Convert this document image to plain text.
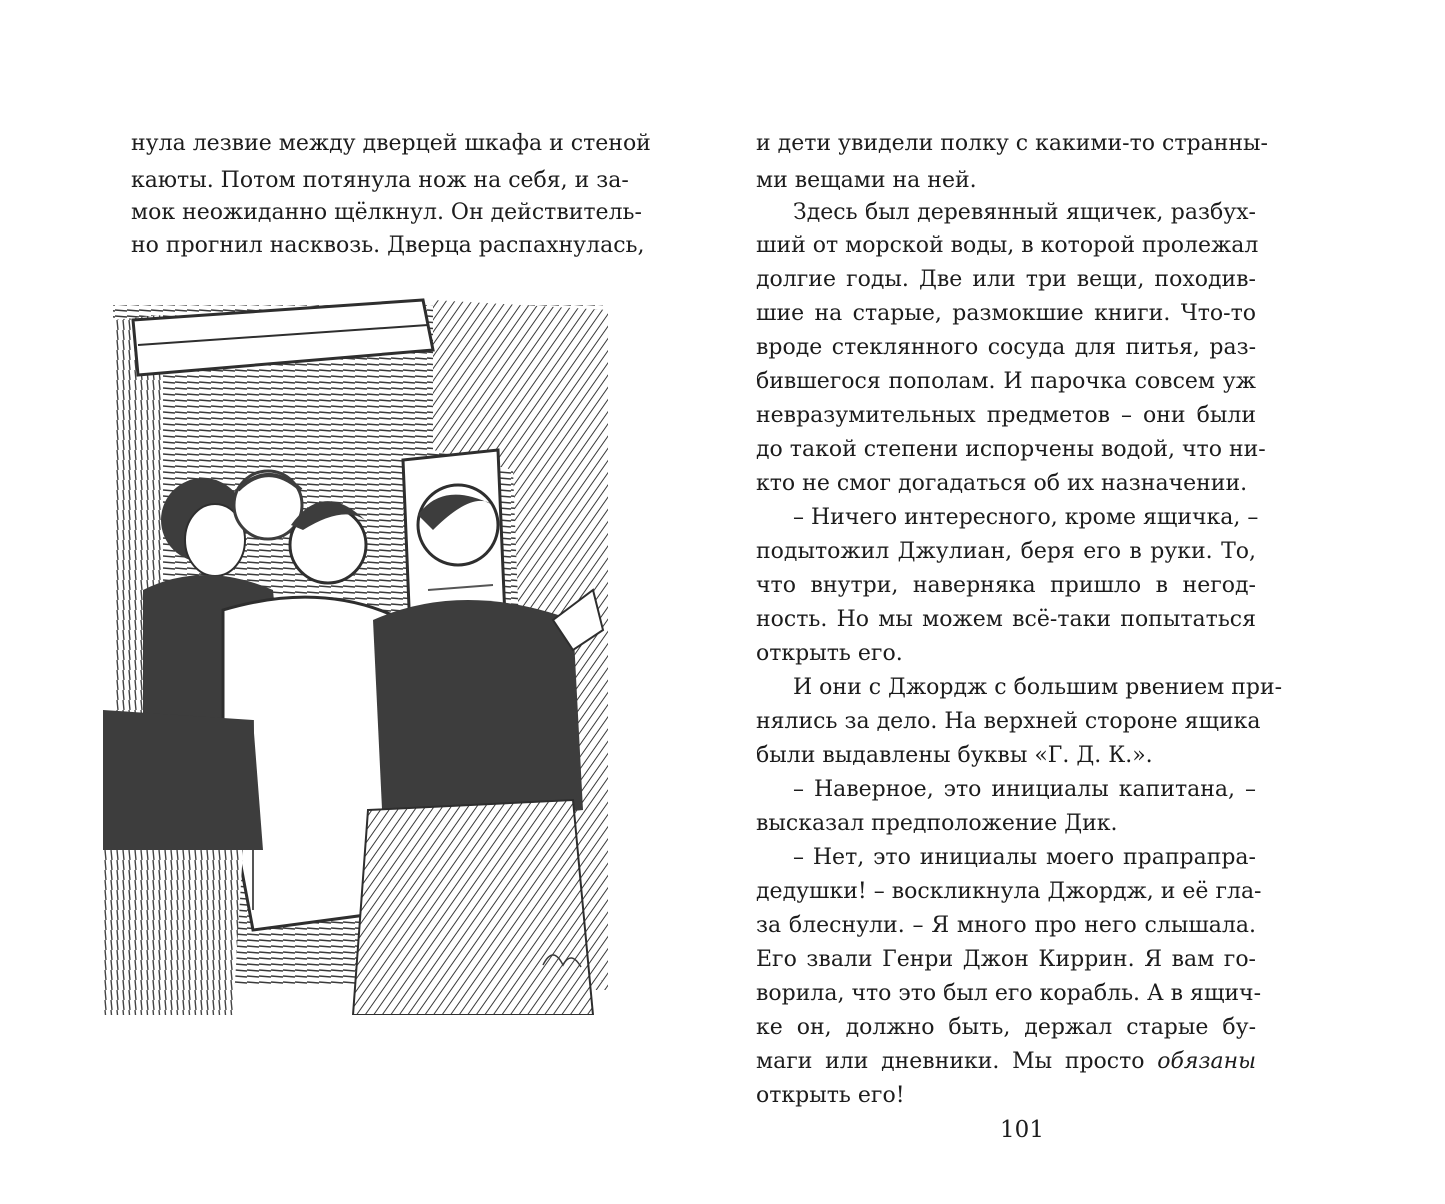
нула лезвие между дверцей шкафа и стеной
каюты. Потом потянула нож на себя, и за-
мок неожиданно щёлкнул. Он действитель-
но прогнил насквозь. Дверца распахнулась,
и дети увидели полку с какими-то странны-
ми вещами на ней.
Здесь был деревянный ящичек, разбух-
ший от морской воды, в которой пролежал
долгие годы. Две или три вещи, походив-
шие на старые, размокшие книги. Что-то
вроде стеклянного сосуда для питья, раз-
бившегося пополам. И парочка совсем уж
невразумительных предметов – они были
до такой степени испорчены водой, что ни-
кто не смог догадаться об их назначении.
– Ничего интересного, кроме ящичка, –
подытожил Джулиан, беря его в руки. То,
что внутри, наверняка пришло в негод-
ность. Но мы можем всё-таки попытаться
открыть его.
И они с Джордж с большим рвением при-
нялись за дело. На верхней стороне ящика
были выдавлены буквы «Г. Д. К.».
– Наверное, это инициалы капитана, –
высказал предположение Дик.
– Нет, это инициалы моего прапрапра-
дедушки! – воскликнула Джордж, и её гла-
за блеснули. – Я много про него слышала.
Его звали Генри Джон Киррин. Я вам го-
ворила, что это был его корабль. А в ящич-
ке он, должно быть, держал старые бу-
маги или дневники. Мы просто обязаны
открыть его!
101
